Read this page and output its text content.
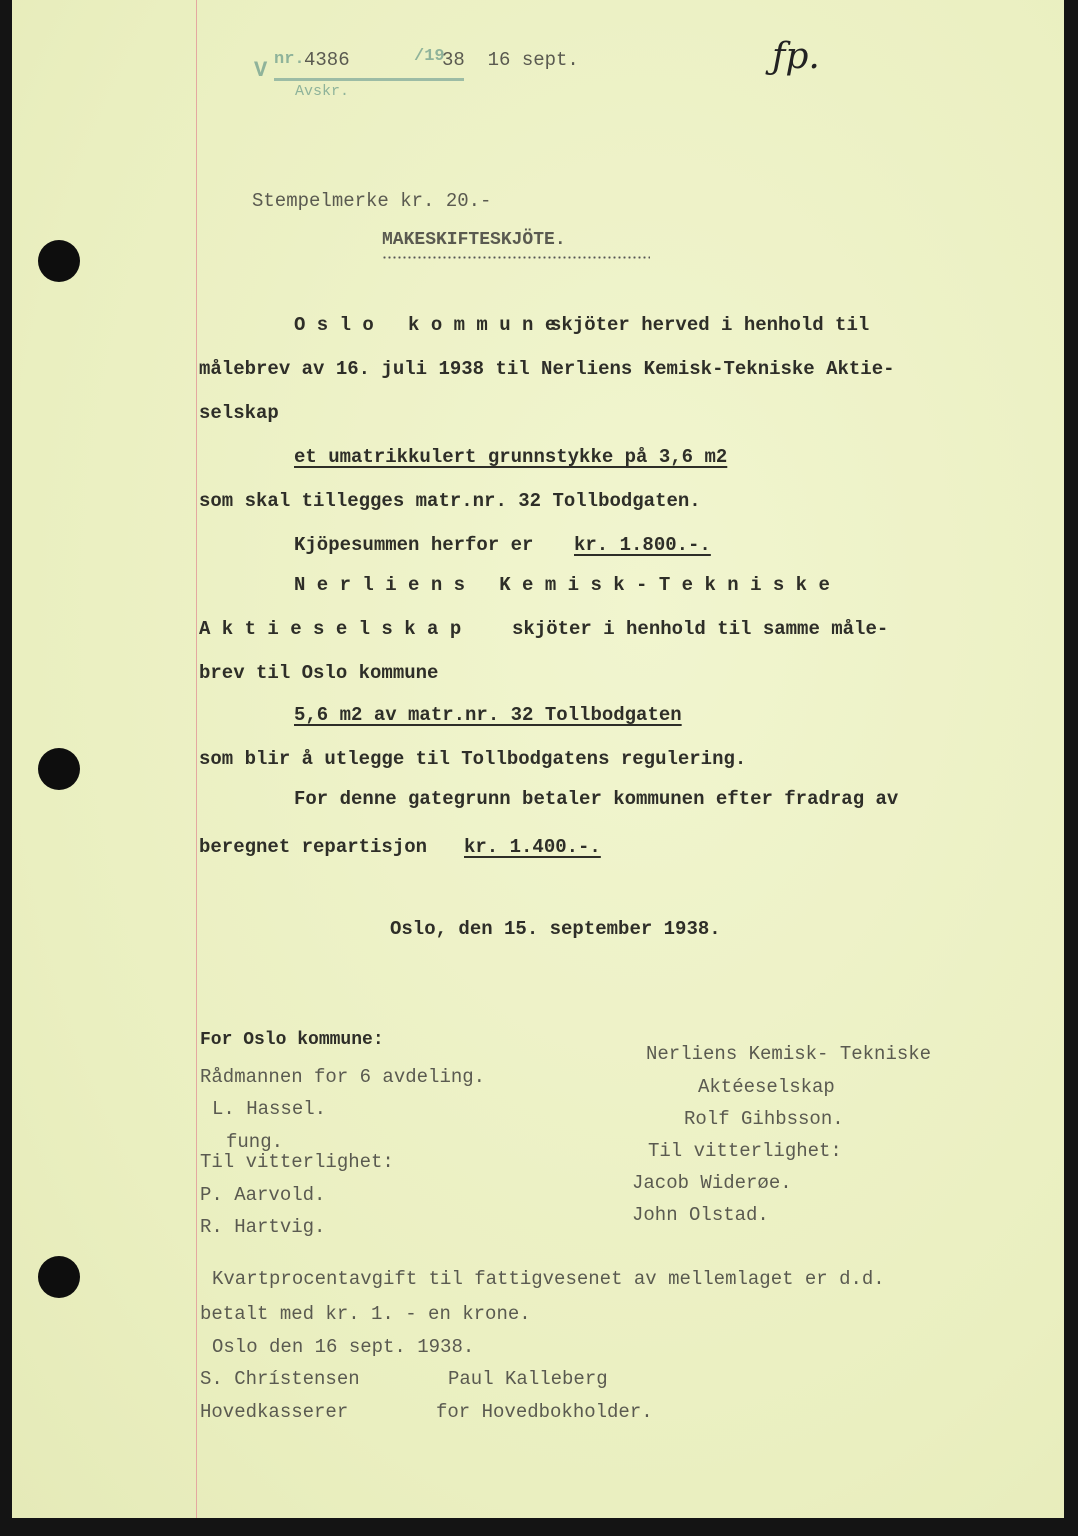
V nr. 4386	/19
Avskr.
38  16 sept.	ƒp.
Stempelmerke kr. 20.-
MAKESKIFTESKJÖTE.
O s l o   k o m m u n e
skjöter herved i henhold til
målebrev av 16. juli 1938 til Nerliens Kemisk-Tekniske Aktie-
selskap
et umatrikkulert grunnstykke på 3,6 m2
som skal tillegges matr.nr. 32 Tollbodgaten.
Kjöpesummen herfor er kr. 1.800.-.
N e r l i e n s   K e m i s k - T e k n i s k e
A k t i e s e l s k a p	skjöter i henhold til samme måle-
brev til Oslo kommune
5,6 m2 av matr.nr. 32 Tollbodgaten
som blir å utlegge til Tollbodgatens regulering.
For denne gategrunn betaler kommunen efter fradrag av
beregnet repartisjon kr. 1.400.-.
Oslo, den 15. september 1938.
For Oslo kommune:
Rådmannen for 6 avdeling.
L. Hassel.
fung.
Til vitterlighet:
P. Aarvold.
R. Hartvig.
Nerliens Kemisk- Tekniske
Aktéeselskap
Rolf Gihbsson.
Til vitterlighet:
Jacob Widerøe.
John Olstad.
Kvartprocentavgift til fattigvesenet av mellemlaget er d.d.
betalt med kr. 1. - en krone.
Oslo den 16 sept. 1938.
S. Chrístensen	Paul Kalleberg
Hovedkasserer	for Hovedbokholder.
